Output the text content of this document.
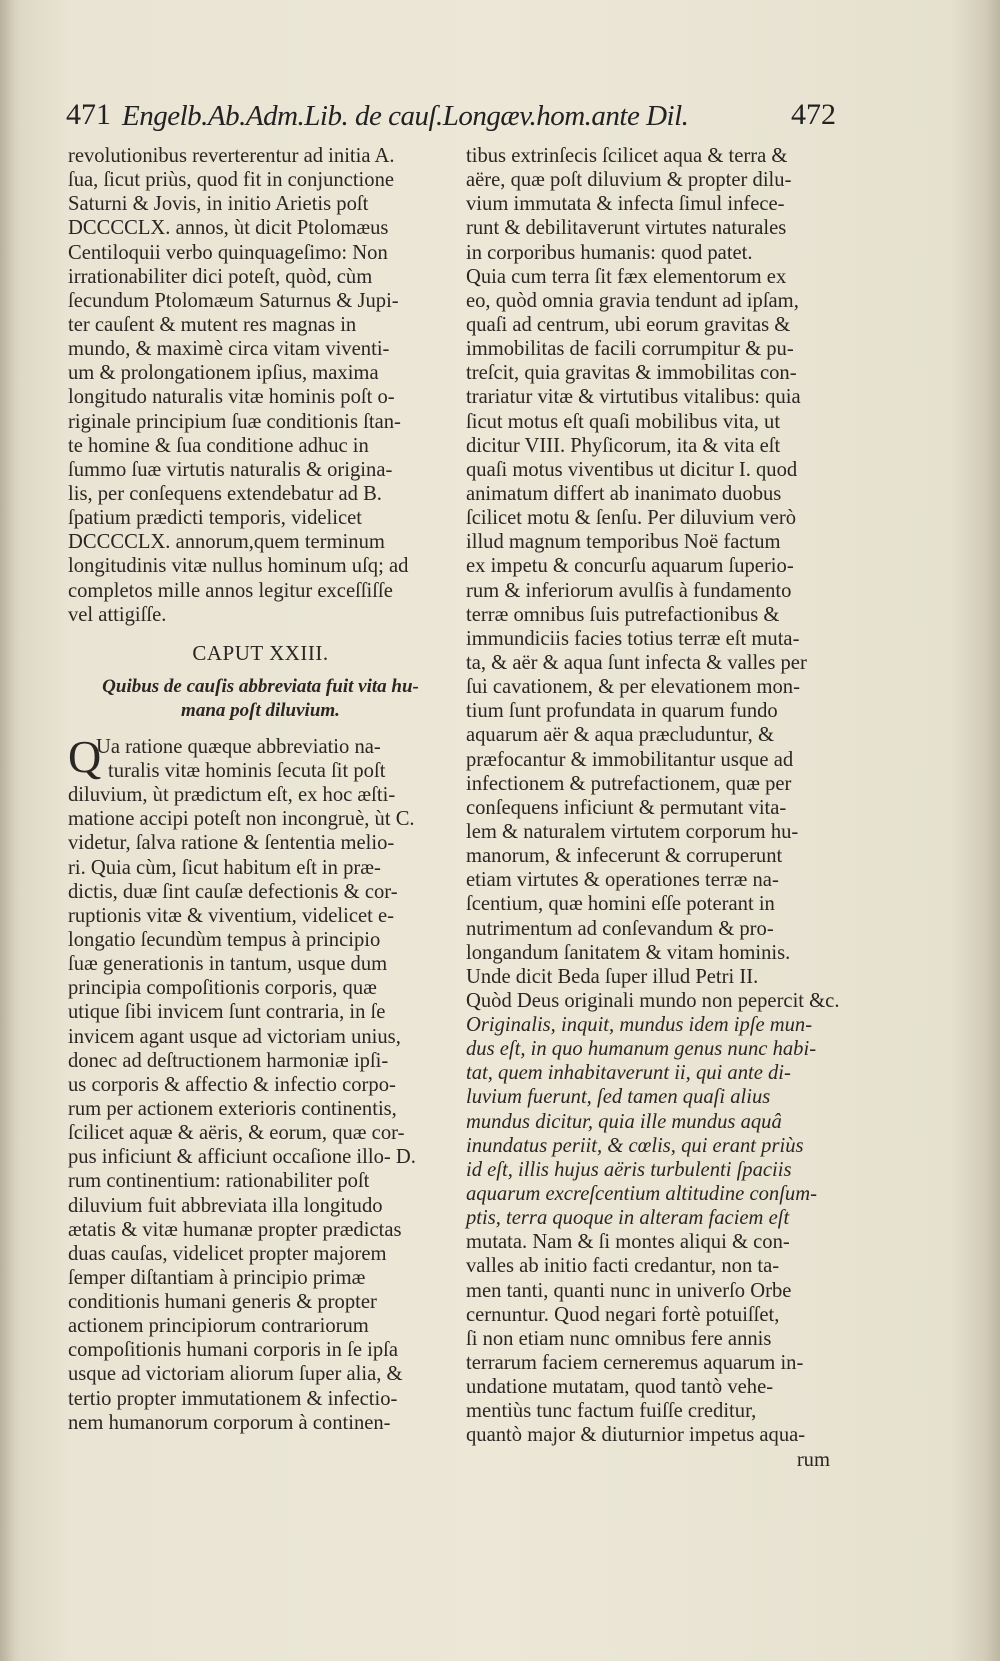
471 Engelb.Ab.Adm.Lib. de cauſ.Longæv.hom.ante Dil.	472
revolutionibus reverterentur ad initia A.
ſua, ſicut priùs, quod fit in conjunctione
Saturni & Jovis, in initio Arietis poſt
DCCCCLX. annos, ùt dicit Ptolomæus
Centiloquii verbo quinquageſimo: Non
irrationabiliter dici poteſt, quòd, cùm
ſecundum Ptolomæum Saturnus & Jupi-
ter cauſent & mutent res magnas in
mundo, & maximè circa vitam viventi-
um & prolongationem ipſius, maxima
longitudo naturalis vitæ hominis poſt o-
riginale principium ſuæ conditionis ſtan-
te homine & ſua conditione adhuc in
ſummo ſuæ virtutis naturalis & origina-
lis, per conſequens extendebatur ad B.
ſpatium prædicti temporis, videlicet
DCCCCLX. annorum,quem terminum
longitudinis vitæ nullus hominum uſq; ad
completos mille annos legitur exceſſiſſe
vel attigiſſe.
CAPUT XXIII.
Quibus de cauſis abbreviata fuit vita hu-
mana poſt diluvium.
Q
Ua ratione quæque abbreviatio na-
turalis vitæ hominis ſecuta ſit poſt
diluvium, ùt prædictum eſt, ex hoc æſti-
matione accipi poteſt non incongruè, ùt C.
videtur, ſalva ratione & ſententia melio-
ri. Quia cùm, ſicut habitum eſt in præ-
dictis, duæ ſint cauſæ defectionis & cor-
ruptionis vitæ & viventium, videlicet e-
longatio ſecundùm tempus à principio
ſuæ generationis in tantum, usque dum
principia compoſitionis corporis, quæ
utique ſibi invicem ſunt contraria, in ſe
invicem agant usque ad victoriam unius,
donec ad deſtructionem harmoniæ ipſi-
us corporis & affectio & infectio corpo-
rum per actionem exterioris continentis,
ſcilicet aquæ & aëris, & eorum, quæ cor-
pus inficiunt & afficiunt occaſione illo- D.
rum continentium: rationabiliter poſt
diluvium fuit abbreviata illa longitudo
ætatis & vitæ humanæ propter prædictas
duas cauſas, videlicet propter majorem
ſemper diſtantiam à principio primæ
conditionis humani generis & propter
actionem principiorum contrariorum
compoſitionis humani corporis in ſe ipſa
usque ad victoriam aliorum ſuper alia, &
tertio propter immutationem & infectio-
nem humanorum corporum à continen-
tibus extrinſecis ſcilicet aqua & terra &
aëre, quæ poſt diluvium & propter dilu-
vium immutata & infecta ſimul infece-
runt & debilitaverunt virtutes naturales
in corporibus humanis: quod patet.
Quia cum terra ſit fæx elementorum ex
eo, quòd omnia gravia tendunt ad ipſam,
quaſi ad centrum, ubi eorum gravitas &
immobilitas de facili corrumpitur & pu-
treſcit, quia gravitas & immobilitas con-
trariatur vitæ & virtutibus vitalibus: quia
ſicut motus eſt quaſi mobilibus vita, ut
dicitur VIII. Phyſicorum, ita & vita eſt
quaſi motus viventibus ut dicitur I. quod
animatum differt ab inanimato duobus
ſcilicet motu & ſenſu. Per diluvium verò
illud magnum temporibus Noë factum
ex impetu & concurſu aquarum ſuperio-
rum & inferiorum avulſis à fundamento
terræ omnibus ſuis putrefactionibus &
immundiciis facies totius terræ eſt muta-
ta, & aër & aqua ſunt infecta & valles per
ſui cavationem, & per elevationem mon-
tium ſunt profundata in quarum fundo
aquarum aër & aqua præcluduntur, &
præfocantur & immobilitantur usque ad
infectionem & putrefactionem, quæ per
conſequens inficiunt & permutant vita-
lem & naturalem virtutem corporum hu-
manorum, & infecerunt & corruperunt
etiam virtutes & operationes terræ na-
ſcentium, quæ homini eſſe poterant in
nutrimentum ad conſevandum & pro-
longandum ſanitatem & vitam hominis.
Unde dicit Beda ſuper illud Petri II.
Quòd Deus originali mundo non pepercit &c.
Originalis, inquit, mundus idem ipſe mun-
dus eſt, in quo humanum genus nunc habi-
tat, quem inhabitaverunt ii, qui ante di-
luvium fuerunt, ſed tamen quaſi alius
mundus dicitur, quia ille mundus aquâ
inundatus periit, & cœlis, qui erant priùs
id eſt, illis hujus aëris turbulenti ſpaciis
aquarum excreſcentium altitudine conſum-
ptis, terra quoque in alteram faciem eſt
mutata. Nam & ſi montes aliqui & con-
valles ab initio facti credantur, non ta-
men tanti, quanti nunc in univerſo Orbe
cernuntur. Quod negari fortè potuiſſet,
ſi non etiam nunc omnibus fere annis
terrarum faciem cerneremus aquarum in-
undatione mutatam, quod tantò vehe-
mentiùs tunc factum fuiſſe creditur,
quantò major & diuturnior impetus aqua-
rum
